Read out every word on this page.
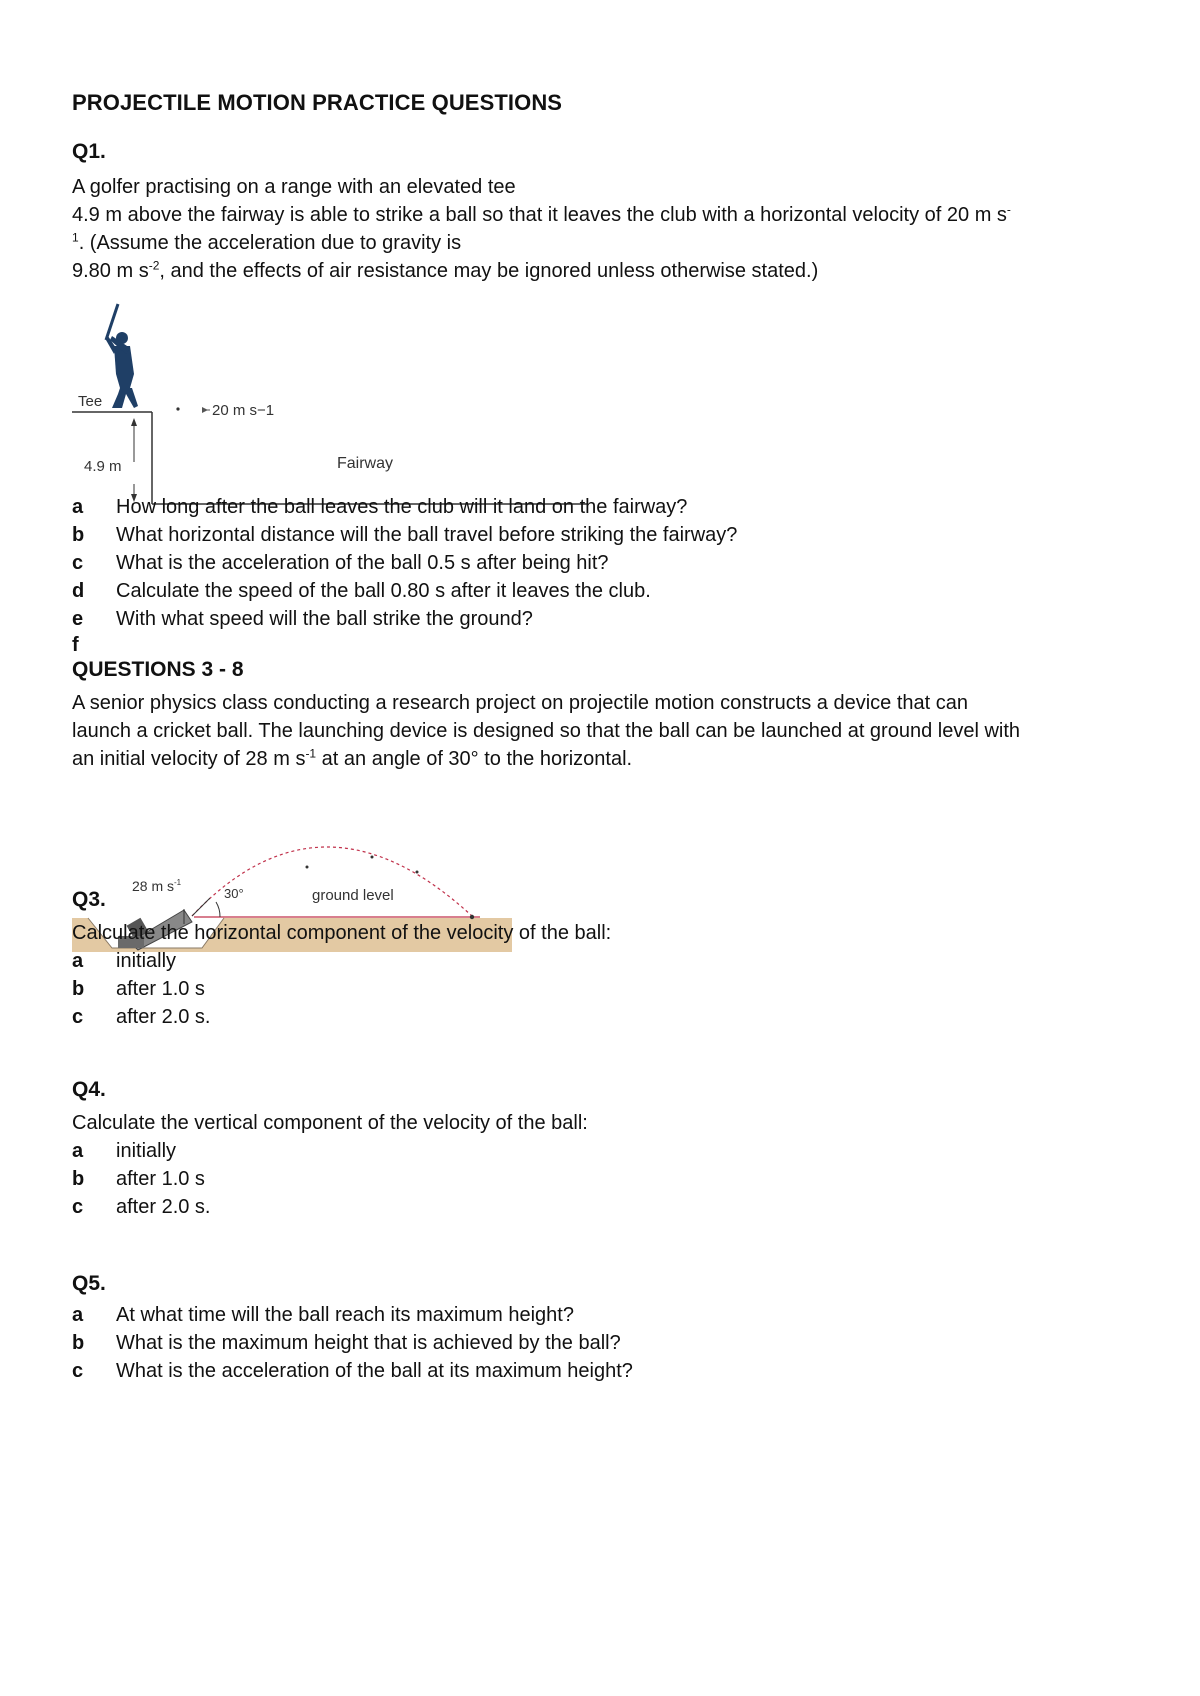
PROJECTILE MOTION PRACTICE QUESTIONS
Q1.
A golfer practising on a range with an elevated tee
4.9 m above the fairway is able to strike a ball so that it leaves the club with a horizontal velocity of 20 m s-
$^1$. (Assume the acceleration due to gravity is
9.80 m $s^{-2}$, and the effects of air resistance may be ignored unless otherwise stated.)
Tee
20 m s−1
4.9 m	Fairway
a How long after the ball leaves the club will it land on the fairway?
b What horizontal distance will the ball travel before striking the fairway?
c What is the acceleration of the ball 0.5 s after being hit?
d Calculate the speed of the ball 0.80 s after it leaves the club.
e With what speed will the ball strike the ground?
f
QUESTIONS 3 - 8
A senior physics class conducting a research project on projectile motion constructs a device that can
launch a cricket ball. The launching device is designed so that the ball can be launched at ground level with
an initial velocity of 28 m $s^{-1}$ at an angle of 30° to the horizontal.
28 m $s^{-1}$
30°	ground level
Q3.
Calculate the horizontal component of the velocity of the ball:
a initially
b after 1.0 s
c after 2.0 s.
Q4.
Calculate the vertical component of the velocity of the ball:
a initially
b after 1.0 s
c after 2.0 s.
Q5.
a At what time will the ball reach its maximum height?
b What is the maximum height that is achieved by the ball?
c What is the acceleration of the ball at its maximum height?
